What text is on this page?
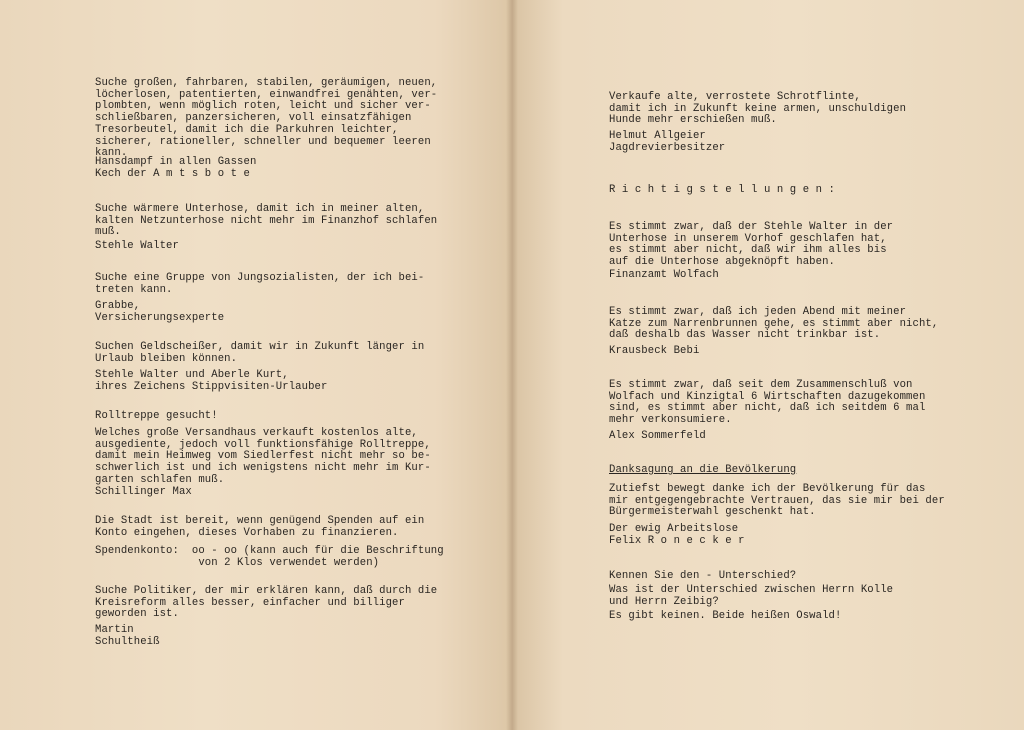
Suche großen, fahrbaren, stabilen, geräumigen, neuen,
löcherlosen, patentierten, einwandfrei genähten, ver-
plombten, wenn möglich roten, leicht und sicher ver-
schließbaren, panzersicheren, voll einsatzfähigen
Tresorbeutel, damit ich die Parkuhren leichter,
sicherer, rationeller, schneller und bequemer leeren
kann.

Hansdampf in allen Gassen
Kech der A m t s b o t e

Suche wärmere Unterhose, damit ich in meiner alten,
kalten Netzunterhose nicht mehr im Finanzhof schlafen
muß.

Stehle Walter

Suche eine Gruppe von Jungsozialisten, der ich bei-
treten kann.

Grabbe,
Versicherungsexperte

Suchen Geldscheißer, damit wir in Zukunft länger in
Urlaub bleiben können.

Stehle Walter und Aberle Kurt,
ihres Zeichens Stippvisiten-Urlauber

Rolltreppe gesucht!

Welches große Versandhaus verkauft kostenlos alte,
ausgediente, jedoch voll funktionsfähige Rolltreppe,
damit mein Heimweg vom Siedlerfest nicht mehr so be-
schwerlich ist und ich wenigstens nicht mehr im Kur-
garten schlafen muß.

Schillinger Max

Die Stadt ist bereit, wenn genügend Spenden auf ein
Konto eingehen, dieses Vorhaben zu finanzieren.

Spendenkonto:  oo - oo (kann auch für die Beschriftung
von 2 Klos verwendet werden)

Suche Politiker, der mir erklären kann, daß durch die
Kreisreform alles besser, einfacher und billiger
geworden ist.

Martin
Schultheiß

Verkaufe alte, verrostete Schrotflinte,
damit ich in Zukunft keine armen, unschuldigen
Hunde mehr erschießen muß.

Helmut Allgeier
Jagdrevierbesitzer

R i c h t i g s t e l l u n g e n :

Es stimmt zwar, daß der Stehle Walter in der
Unterhose in unserem Vorhof geschlafen hat,
es stimmt aber nicht, daß wir ihm alles bis
auf die Unterhose abgeknöpft haben.

Finanzamt Wolfach

Es stimmt zwar, daß ich jeden Abend mit meiner
Katze zum Narrenbrunnen gehe, es stimmt aber nicht,
daß deshalb das Wasser nicht trinkbar ist.

Krausbeck Bebi

Es stimmt zwar, daß seit dem Zusammenschluß von
Wolfach und Kinzigtal 6 Wirtschaften dazugekommen
sind, es stimmt aber nicht, daß ich seitdem 6 mal
mehr verkonsumiere.

Alex Sommerfeld

Danksagung an die Bevölkerung

Zutiefst bewegt danke ich der Bevölkerung für das
mir entgegengebrachte Vertrauen, das sie mir bei der
Bürgermeisterwahl geschenkt hat.

Der ewig Arbeitslose
Felix R o n e c k e r

Kennen Sie den - Unterschied?

Was ist der Unterschied zwischen Herrn Kolle
und Herrn Zeibig?

Es gibt keinen. Beide heißen Oswald!
